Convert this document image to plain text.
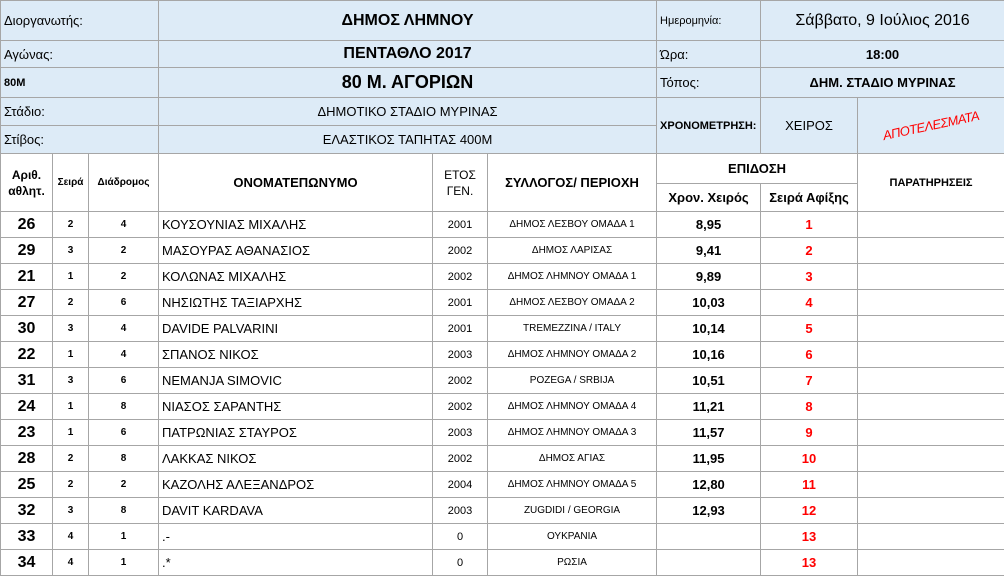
Διοργανωτής:			ΔΗΜΟΣ ΛΗΜΝΟΥ			Ημερομηνία:	Σάββατο, 9 Ιούλιος 2016	
Αγώνας:			ΠΕΝΤΑΘΛΟ 2017			Ώρα:	18:00	
80M			80 Μ. ΑΓΟΡΙΩΝ			Τόπος:	ΔΗΜ. ΣΤΑΔΙΟ ΜΥΡΙΝΑΣ	
Στάδιο:			ΔΗΜΟΤΙΚΟ ΣΤΑΔΙΟ ΜΥΡΙΝΑΣ			ΧΡΟΝΟΜΕΤΡΗΣΗ:	ΧΕΙΡΟΣ	ΑΠΟΤΕΛΕΣΜΑΤΑ
Στίβος:			ΕΛΑΣΤΙΚΟΣ ΤΑΠΗΤΑΣ 400Μ					
Αριθ. αθλητ.	Σειρά	Διάδρομος	ΟΝΟΜΑΤΕΠΩΝΥΜΟ	ΕΤΟΣ ΓΕΝ.	ΣΥΛΛΟΓΟΣ/ ΠΕΡΙΟΧΗ	ΕΠΙΔΟΣΗ		ΠΑΡΑΤΗΡΗΣΕΙΣ
						Χρον. Χειρός	Σειρά Αφίξης	
26	2	4	ΚΟΥΣΟΥΝΙΑΣ ΜΙΧΑΛΗΣ	2001	ΔΗΜΟΣ ΛΕΣΒΟΥ ΟΜΑΔΑ 1	8,95	1	
29	3	2	ΜΑΣΟΥΡΑΣ ΑΘΑΝΑΣΙΟΣ	2002	ΔΗΜΟΣ ΛΑΡΙΣΑΣ	9,41	2	
21	1	2	ΚΟΛΩΝΑΣ ΜΙΧΑΛΗΣ	2002	ΔΗΜΟΣ ΛΗΜΝΟΥ ΟΜΑΔΑ 1	9,89	3	
27	2	6	ΝΗΣΙΩΤΗΣ ΤΑΞΙΑΡΧΗΣ	2001	ΔΗΜΟΣ ΛΕΣΒΟΥ ΟΜΑΔΑ 2	10,03	4	
30	3	4	DAVIDE PALVARINI	2001	TREMEZZINA / ITALY	10,14	5	
22	1	4	ΣΠΑΝΟΣ ΝΙΚΟΣ	2003	ΔΗΜΟΣ ΛΗΜΝΟΥ ΟΜΑΔΑ 2	10,16	6	
31	3	6	NEMANJA SIMOVIC	2002	POZEGA / SRBIJA	10,51	7	
24	1	8	ΝΙΑΣΟΣ ΣΑΡΑΝΤΗΣ	2002	ΔΗΜΟΣ ΛΗΜΝΟΥ ΟΜΑΔΑ 4	11,21	8	
23	1	6	ΠΑΤΡΩΝΙΑΣ ΣΤΑΥΡΟΣ	2003	ΔΗΜΟΣ ΛΗΜΝΟΥ ΟΜΑΔΑ 3	11,57	9	
28	2	8	ΛΑΚΚΑΣ ΝΙΚΟΣ	2002	ΔΗΜΟΣ ΑΓΙΑΣ	11,95	10	
25	2	2	ΚΑΖΟΛΗΣ ΑΛΕΞΑΝΔΡΟΣ	2004	ΔΗΜΟΣ ΛΗΜΝΟΥ ΟΜΑΔΑ 5	12,80	11	
32	3	8	DAVIT KARDAVA	2003	ZUGDIDI / GEORGIA	12,93	12	
33	4	1	.-	0	ΟΥΚΡΑΝΙΑ		13	
34	4	1	.*	0	ΡΩΣΙΑ		13	
